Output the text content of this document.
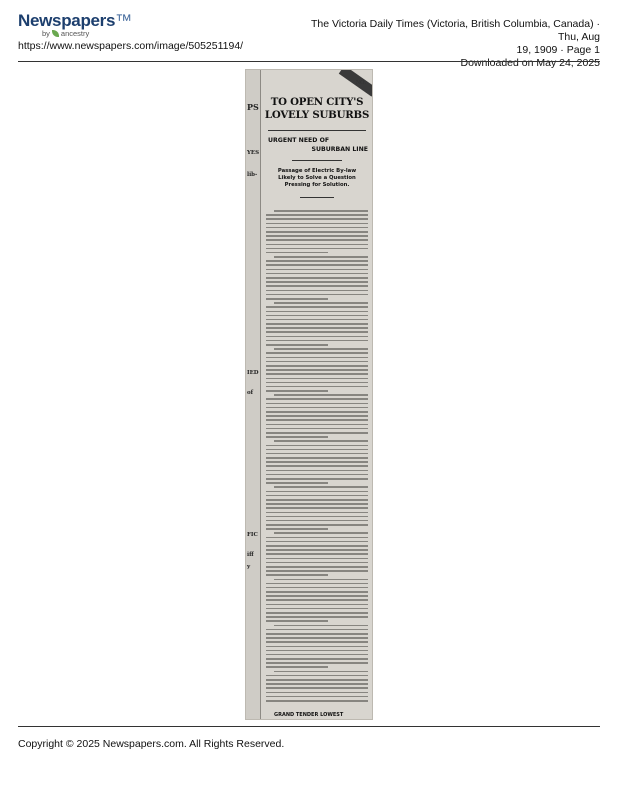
Newspapers™
by ancestry
https://www.newspapers.com/image/505251194/
The Victoria Daily Times (Victoria, British Columbia, Canada) · Thu, Aug
19, 1909 · Page 1
Downloaded on May 24, 2025
PS
YES
lib-
IED
of
FIC
iff
y
NO.
TO OPEN CITY'S
LOVELY SUBURBS
URGENT NEED OF
SUBURBAN LINE
Passage of Electric By-law
Likely to Solve a Question
Pressing for Solution.
GRAND TENDER LOWEST
Copyright © 2025 Newspapers.com. All Rights Reserved.
